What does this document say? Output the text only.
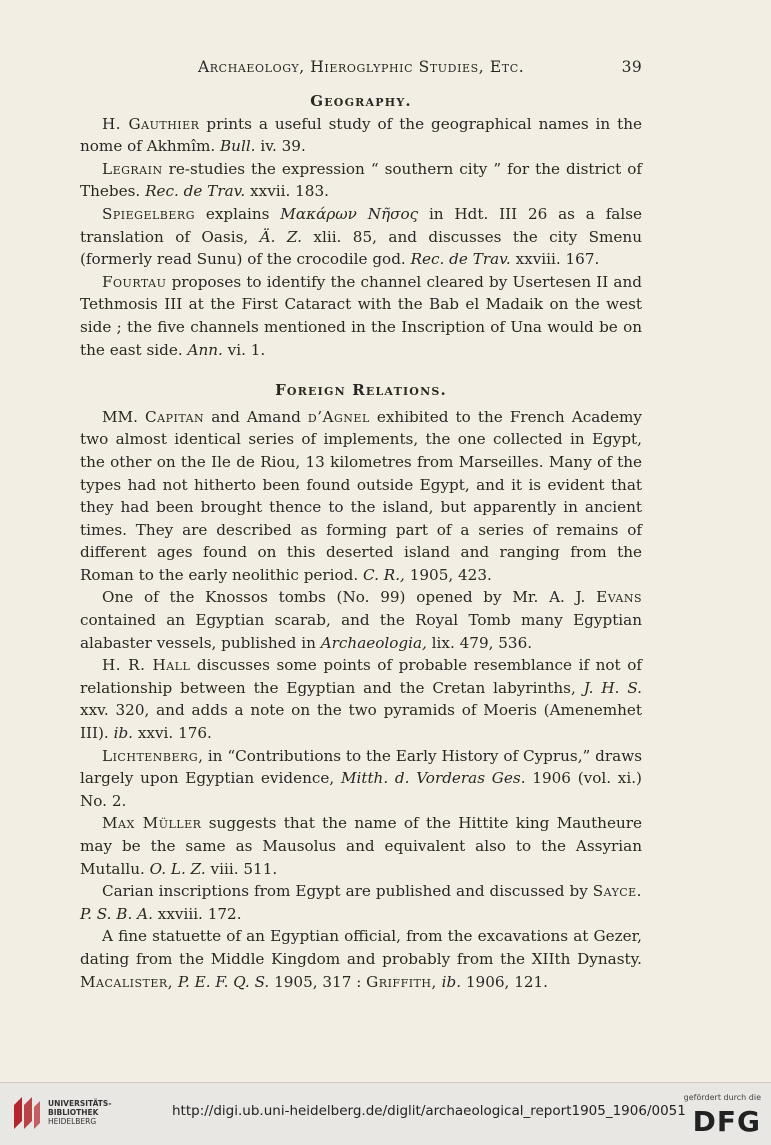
Archaeology, Hieroglyphic Studies, Etc.	39
Geography.

H. Gauthier prints a useful study of the geographical names in the nome of Akhmîm. Bull. iv. 39.

Legrain re-studies the expression “ southern city ” for the district of Thebes. Rec. de Trav. xxvii. 183.

Spiegelberg explains Μακάρων Νῆσος in Hdt. III 26 as a false translation of Oasis, Ä. Z. xlii. 85, and discusses the city Smenu (formerly read Sunu) of the crocodile god. Rec. de Trav. xxviii. 167.

Fourtau proposes to identify the channel cleared by Usertesen II and Tethmosis III at the First Cataract with the Bab el Madaik on the west side ; the five channels mentioned in the Inscription of Una would be on the east side. Ann. vi. 1.

Foreign Relations.

MM. Capitan and Amand d’Agnel exhibited to the French Academy two almost identical series of implements, the one collected in Egypt, the other on the Ile de Riou, 13 kilometres from Marseilles. Many of the types had not hitherto been found outside Egypt, and it is evident that they had been brought thence to the island, but apparently in ancient times. They are described as forming part of a series of remains of different ages found on this deserted island and ranging from the Roman to the early neolithic period. C. R., 1905, 423.

One of the Knossos tombs (No. 99) opened by Mr. A. J. Evans contained an Egyptian scarab, and the Royal Tomb many Egyptian alabaster vessels, published in Archaeologia, lix. 479, 536.

H. R. Hall discusses some points of probable resemblance if not of relationship between the Egyptian and the Cretan labyrinths, J. H. S. xxv. 320, and adds a note on the two pyramids of Moeris (Amenemhet III). ib. xxvi. 176.

Lichtenberg, in “Contributions to the Early History of Cyprus,” draws largely upon Egyptian evidence, Mitth. d. Vorderas Ges. 1906 (vol. xi.) No. 2.

Max Müller suggests that the name of the Hittite king Mautheure may be the same as Mausolus and equivalent also to the Assyrian Mutallu. O. L. Z. viii. 511.

Carian inscriptions from Egypt are published and discussed by Sayce. P. S. B. A. xxviii. 172.

A fine statuette of an Egyptian official, from the excavations at Gezer, dating from the Middle Kingdom and probably from the XIIth Dynasty. Macalister, P. E. F. Q. S. 1905, 317 : Griffith, ib. 1906, 121.

UNIVERSITÄTS-
BIBLIOTHEK
HEIDELBERG
http://digi.ub.uni-heidelberg.de/diglit/archaeological_report1905_1906/0051
gefördert durch die
DFG
